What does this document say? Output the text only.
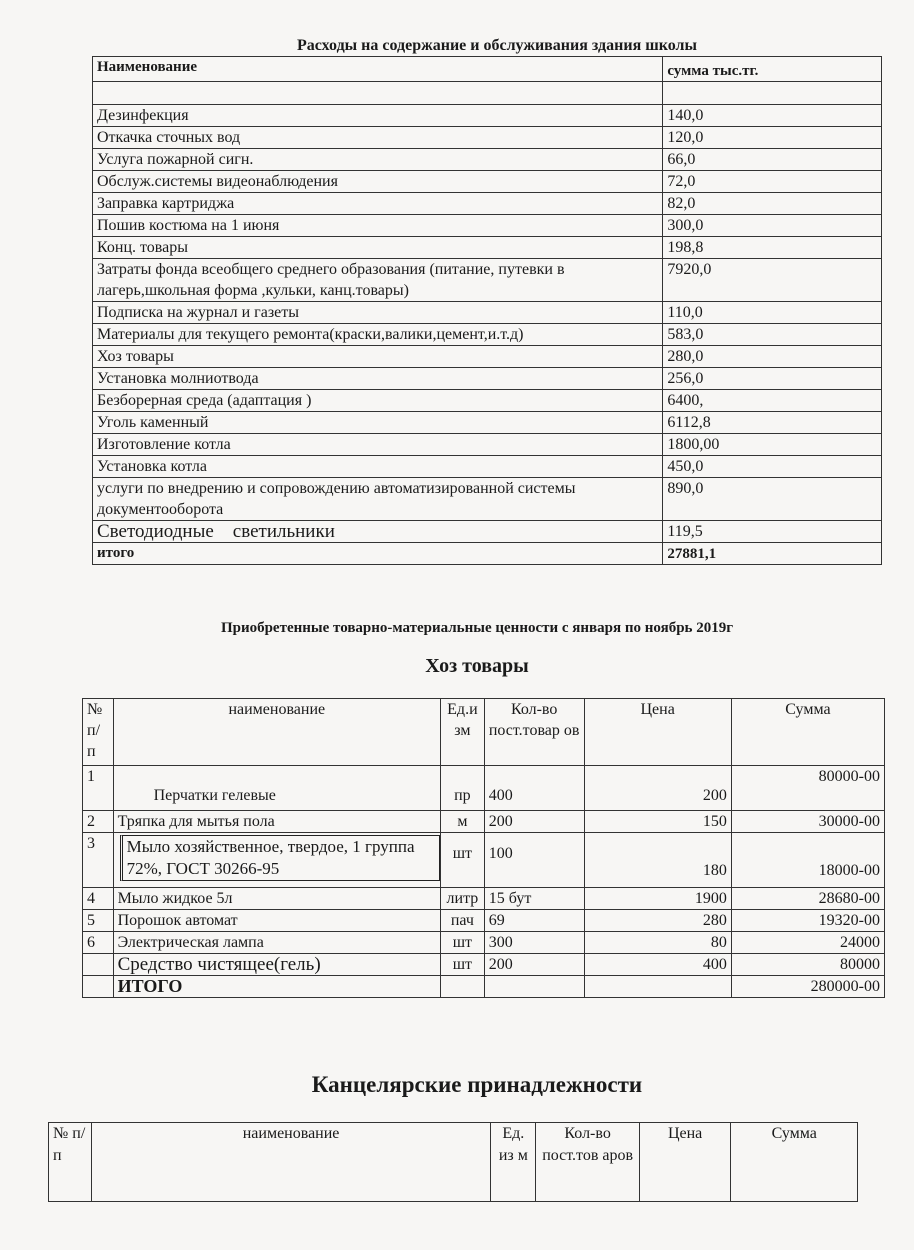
Расходы на содержание и обслуживания здания школы
Наименование	сумма тыс.тг.

Дезинфекция	140,0
Откачка сточных вод	120,0
Услуга пожарной сигн.	66,0
Обслуж.системы видеонаблюдения	72,0
Заправка картриджа	82,0
Пошив костюма на 1 июня	300,0
Конц. товары	198,8
Затраты фонда всеобщего среднего образования (питание, путевки в лагерь,школьная форма ,кульки, канц.товары)	7920,0
Подписка на журнал и газеты	110,0
Материалы для текущего ремонта(краски,валики,цемент,и.т.д)	583,0
Хоз товары	280,0
Установка молниотвода	256,0
Безборерная среда (адаптация )	6400,
Уголь каменный	6112,8
Изготовление котла	1800,00
Установка котла	450,0
услуги по внедрению и сопровождению автоматизированной системы документооборота	890,0
Светодиодные    светильники	119,5
итого	27881,1
Приобретенные товарно-материальные ценности с января по ноябрь 2019г
Хоз товары
№ п/ п	наименование	Ед.и зм	Кол-во пост.товар ов	Цена	Сумма
1	Перчатки гелевые	пр	400	200	80000-00
2	Тряпка для мытья пола	м	200	150	30000-00
3	Мыло хозяйственное, твердое, 1 группа 72%, ГОСТ 30266-95	шт	100	180	18000-00
4	Мыло жидкое 5л	литр	15 бут	1900	28680-00
5	Порошок автомат	пач	69	280	19320-00
6	Электрическая лампа	шт	300	80	24000
	Средство чистящее(гель)	шт	200	400	80000
	ИТОГО				280000-00
Канцелярские принадлежности
№ п/ п	наименование	Ед. из м	Кол-во пост.тов аров	Цена	Сумма
